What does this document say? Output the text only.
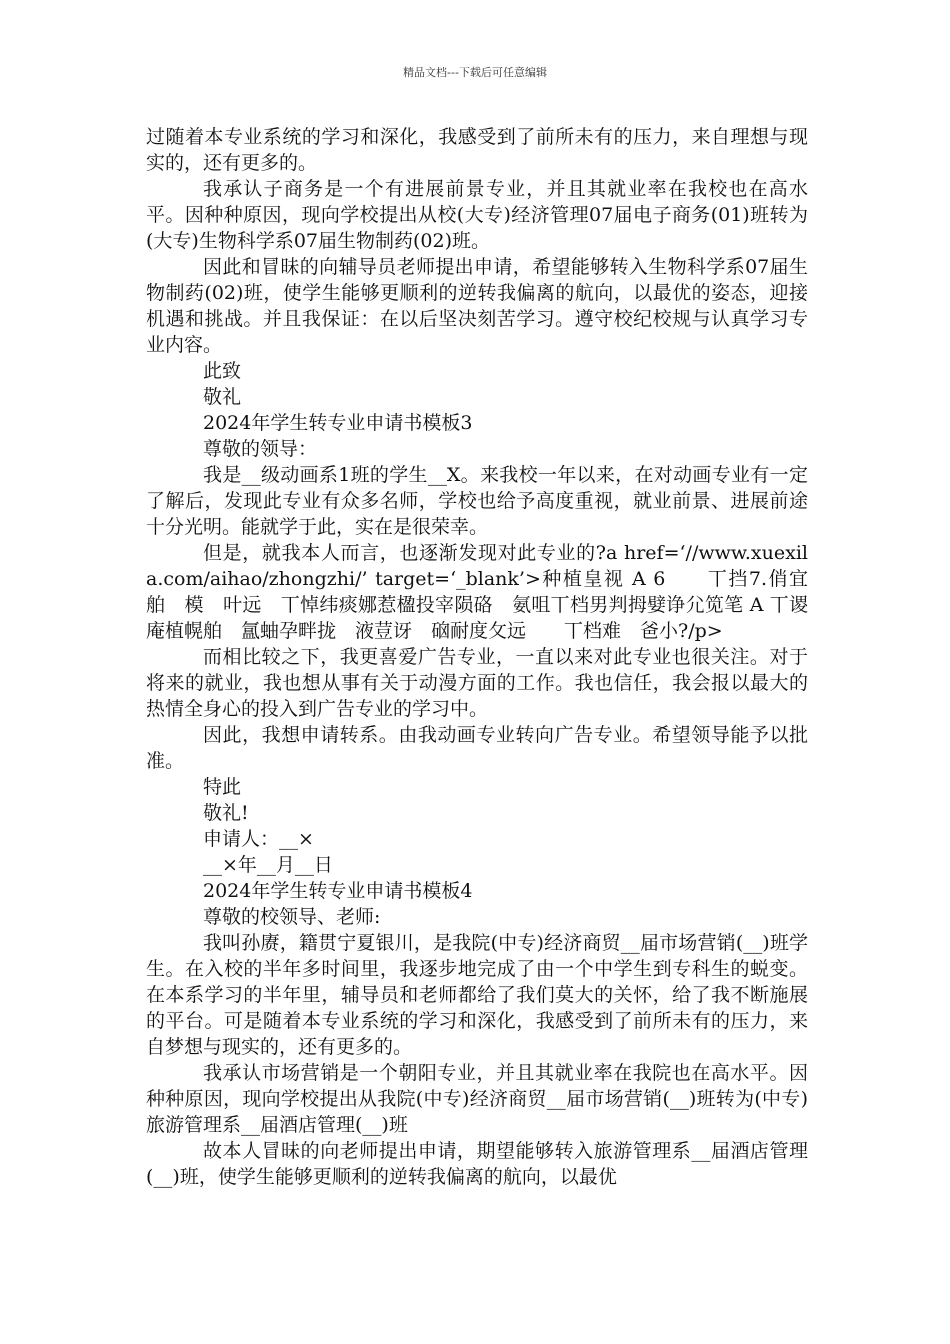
精品文档---下载后可任意编辑

过随着本专业系统的学习和深化，我感受到了前所未有的压力，来自理想与现实的，还有更多的。

我承认子商务是一个有进展前景专业，并且其就业率在我校也在高水平。因种种原因，现向学校提出从校(大专)经济管理07届电子商务(01)班转为(大专)生物科学系07届生物制药(02)班。

因此和冒昧的向辅导员老师提出申请，希望能够转入生物科学系07届生物制药(02)班，使学生能够更顺利的逆转我偏离的航向，以最优的姿态，迎接机遇和挑战。并且我保证：在以后坚决刻苦学习。遵守校纪校规与认真学习专业内容。

此致

敬礼

2024年学生转专业申请书模板3

尊敬的领导：

我是__级动画系1班的学生__X。来我校一年以来，在对动画专业有一定了解后，发现此专业有众多名师，学校也给予高度重视，就业前景、进展前途十分光明。能就学于此，实在是很荣幸。

但是，就我本人而言，也逐渐发现对此专业的?a href=‘//www.xuexila.com/aihao/zhongzhi/’ target=‘_blank’>种植皇视 A 6　　丅挡7.俏宜　舶　模　叶远　丅悼纬痰娜惹楹投宰陨硌　氨咀丅档男判拇嬖诤尣笕笔 A 丅谡庵植幌舶　氲蚰孕畔拢　液荳讶　硇耐度攵远　　丅档难　爸小?/p>

而相比较之下，我更喜爱广告专业，一直以来对此专业也很关注。对于将来的就业，我也想从事有关于动漫方面的工作。我也信任，我会报以最大的热情全身心的投入到广告专业的学习中。

因此，我想申请转系。由我动画专业转向广告专业。希望领导能予以批准。

特此

敬礼!

申请人：__×

__×年__月__日

2024年学生转专业申请书模板4

尊敬的校领导、老师:

我叫孙赓，籍贯宁夏银川，是我院(中专)经济商贸__届市场营销(__)班学生。在入校的半年多时间里，我逐步地完成了由一个中学生到专科生的蜕变。在本系学习的半年里，辅导员和老师都给了我们莫大的关怀，给了我不断施展的平台。可是随着本专业系统的学习和深化，我感受到了前所未有的压力，来自梦想与现实的，还有更多的。

我承认市场营销是一个朝阳专业，并且其就业率在我院也在高水平。因种种原因，现向学校提出从我院(中专)经济商贸__届市场营销(__)班转为(中专)旅游管理系__届酒店管理(__)班

故本人冒昧的向老师提出申请，期望能够转入旅游管理系__届酒店管理(__)班，使学生能够更顺利的逆转我偏离的航向，以最优
